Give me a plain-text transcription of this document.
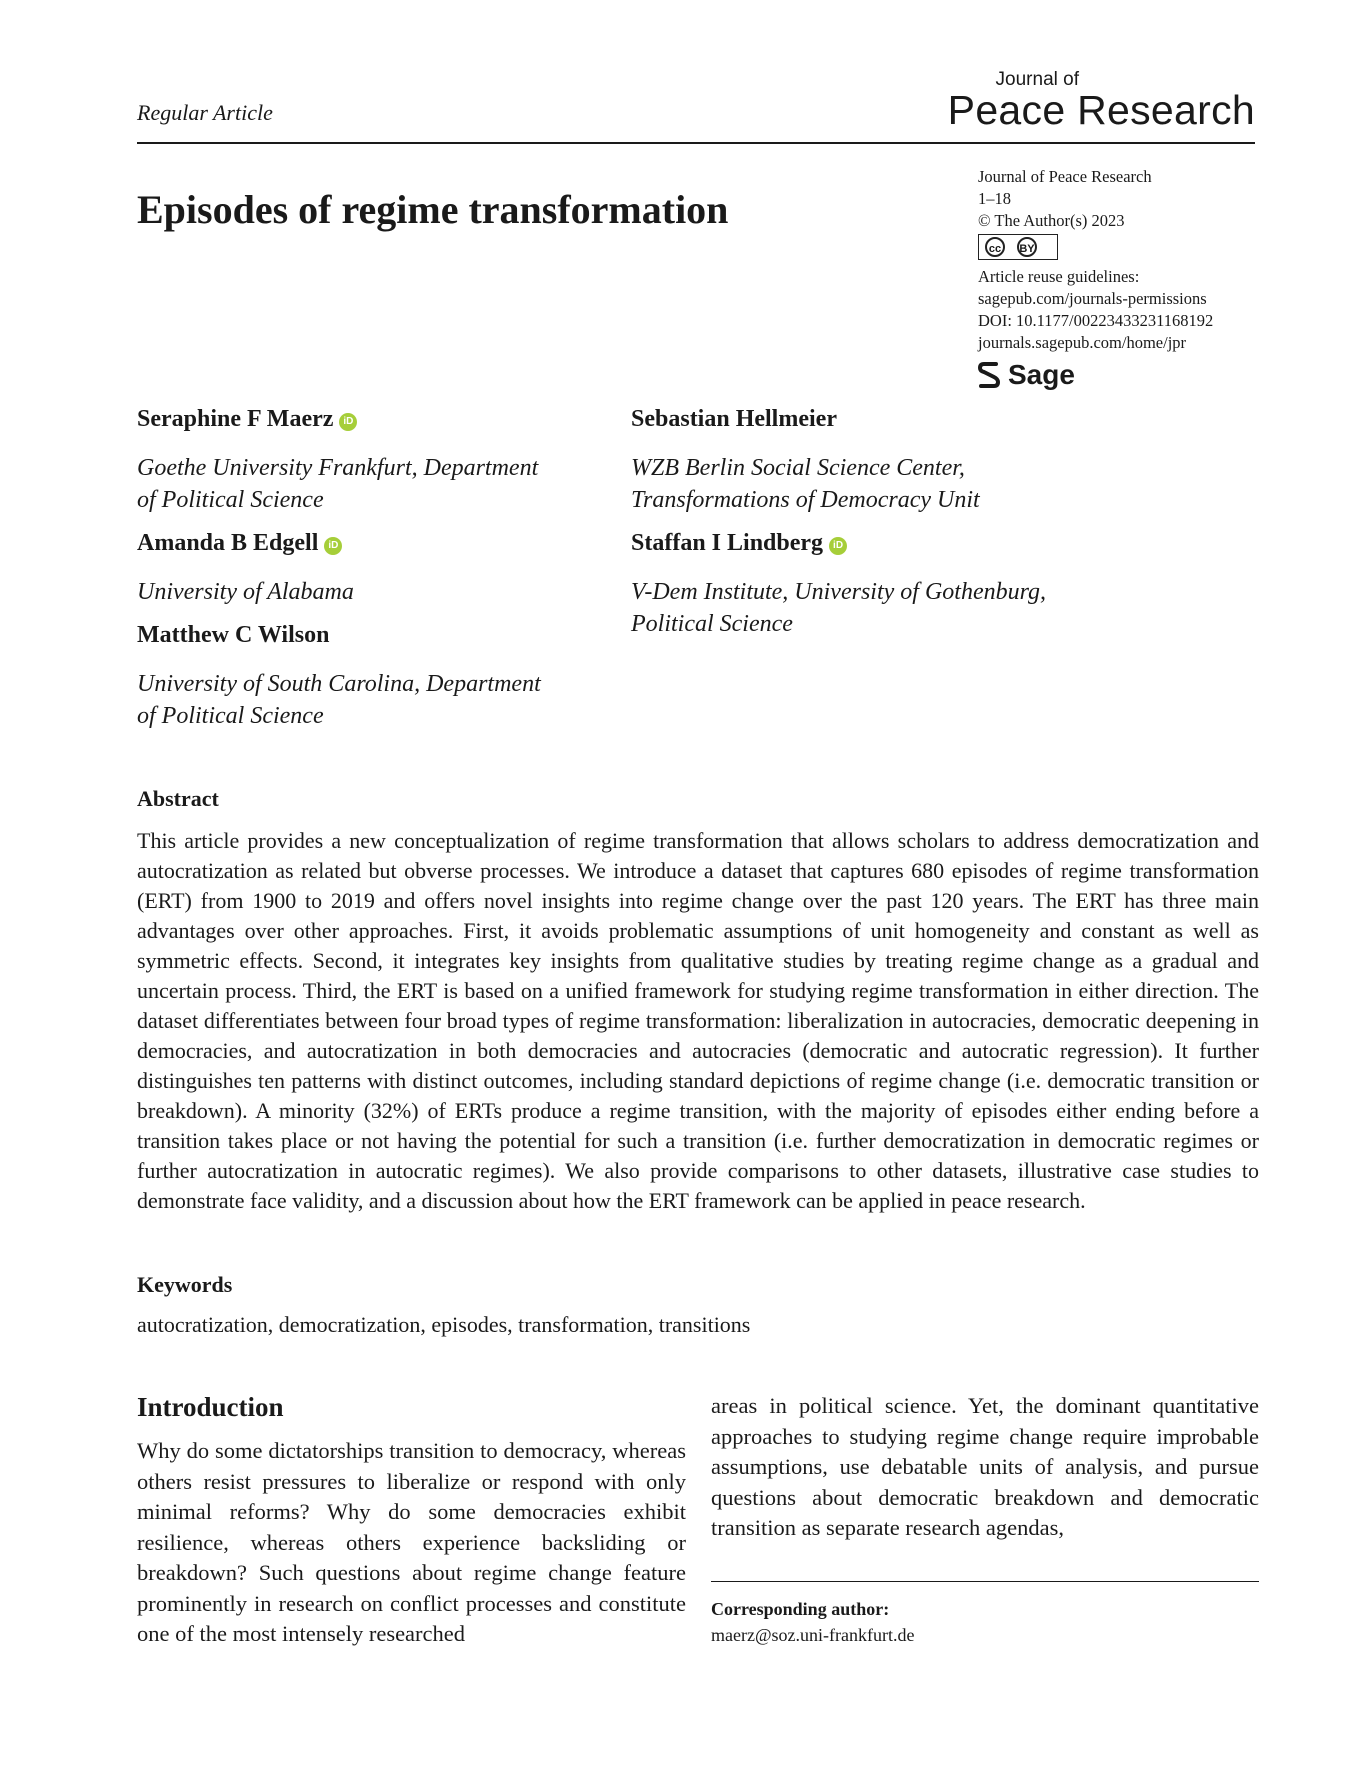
Regular Article
Journal of
Peace Research
Episodes of regime transformation
Journal of Peace Research
1–18
© The Author(s) 2023
cc	BY
Article reuse guidelines:
sagepub.com/journals-permissions
DOI: 10.1177/00223433231168192
journals.sagepub.com/home/jpr
Sage
Seraphine F Maerz iD
Goethe University Frankfurt, Department
of Political Science
Amanda B Edgell iD
University of Alabama
Matthew C Wilson
University of South Carolina, Department
of Political Science
Sebastian Hellmeier
WZB Berlin Social Science Center,
Transformations of Democracy Unit
Staffan I Lindberg iD
V-Dem Institute, University of Gothenburg,
Political Science
Abstract
This article provides a new conceptualization of regime transformation that allows scholars to address democratization and autocratization as related but obverse processes. We introduce a dataset that captures 680 episodes of regime transformation (ERT) from 1900 to 2019 and offers novel insights into regime change over the past 120 years. The ERT has three main advantages over other approaches. First, it avoids problematic assumptions of unit homogeneity and constant as well as symmetric effects. Second, it integrates key insights from qualitative studies by treating regime change as a gradual and uncertain process. Third, the ERT is based on a unified framework for studying regime transformation in either direction. The dataset differentiates between four broad types of regime transformation: liberalization in autocracies, democratic deepening in democracies, and autocratization in both democracies and autocracies (democratic and autocratic regression). It further distinguishes ten patterns with distinct outcomes, including standard depictions of regime change (i.e. democratic transition or breakdown). A minority (32%) of ERTs produce a regime transition, with the majority of episodes either ending before a transition takes place or not having the potential for such a transition (i.e. further democratization in democratic regimes or further autocratization in autocratic regimes). We also provide comparisons to other datasets, illustrative case studies to demonstrate face validity, and a discussion about how the ERT framework can be applied in peace research.
Keywords
autocratization, democratization, episodes, transformation, transitions
Introduction
Why do some dictatorships transition to democracy, whereas others resist pressures to liberalize or respond with only minimal reforms? Why do some democracies exhibit resilience, whereas others experience backsliding or breakdown? Such questions about regime change feature prominently in research on conflict processes and constitute one of the most intensely researched
areas in political science. Yet, the dominant quantitative approaches to studying regime change require improbable assumptions, use debatable units of analysis, and pursue questions about democratic breakdown and democratic transition as separate research agendas,
Corresponding author:
maerz@soz.uni-frankfurt.de
